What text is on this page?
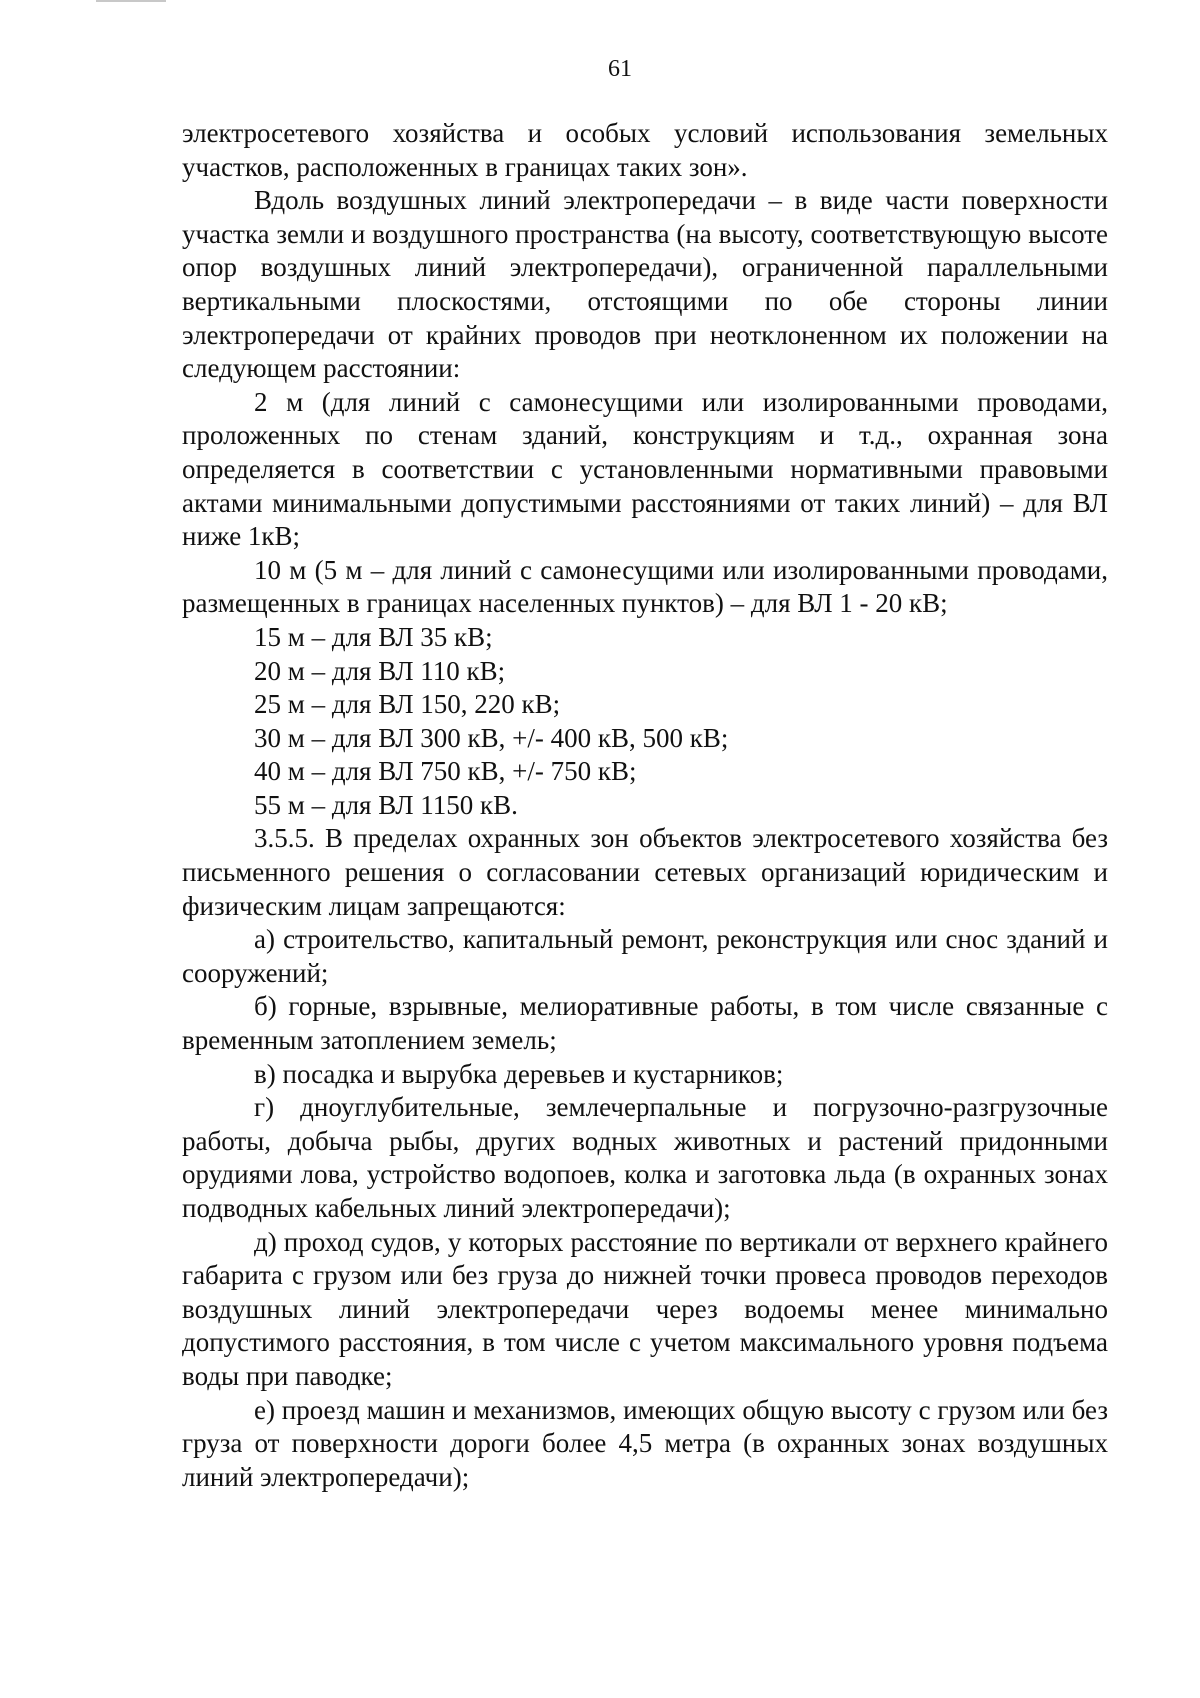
61

электросетевого хозяйства и особых условий использования земельных участков, расположенных в границах таких зон».

Вдоль воздушных линий электропередачи – в виде части поверхности участка земли и воздушного пространства (на высоту, соответствующую высоте опор воздушных линий электропередачи), ограниченной параллельными вертикальными плоскостями, отстоящими по обе стороны линии электропередачи от крайних проводов при неотклоненном их положении на следующем расстоянии:

2 м (для линий с самонесущими или изолированными проводами, проложенных по стенам зданий, конструкциям и т.д., охранная зона определяется в соответствии с установленными нормативными правовыми актами минимальными допустимыми расстояниями от таких линий) – для ВЛ ниже 1кВ;

10 м (5 м – для линий с самонесущими или изолированными проводами, размещенных в границах населенных пунктов) – для ВЛ 1 - 20 кВ;

15 м – для ВЛ 35 кВ;

20 м – для ВЛ 110 кВ;

25 м – для ВЛ 150, 220 кВ;

30 м – для ВЛ 300 кВ, +/- 400 кВ, 500 кВ;

40 м – для ВЛ 750 кВ, +/- 750 кВ;

55 м – для ВЛ 1150 кВ.

3.5.5. В пределах охранных зон объектов электросетевого хозяйства без письменного решения о согласовании сетевых организаций юридическим и физическим лицам запрещаются:

а) строительство, капитальный ремонт, реконструкция или снос зданий и сооружений;

б) горные, взрывные, мелиоративные работы, в том числе связанные с временным затоплением земель;

в) посадка и вырубка деревьев и кустарников;

г) дноуглубительные, землечерпальные и погрузочно-разгрузочные работы, добыча рыбы, других водных животных и растений придонными орудиями лова, устройство водопоев, колка и заготовка льда (в охранных зонах подводных кабельных линий электропередачи);

д) проход судов, у которых расстояние по вертикали от верхнего крайнего габарита с грузом или без груза до нижней точки провеса проводов переходов воздушных линий электропередачи через водоемы менее минимально допустимого расстояния, в том числе с учетом максимального уровня подъема воды при паводке;

е) проезд машин и механизмов, имеющих общую высоту с грузом или без груза от поверхности дороги более 4,5 метра (в охранных зонах воздушных линий электропередачи);
